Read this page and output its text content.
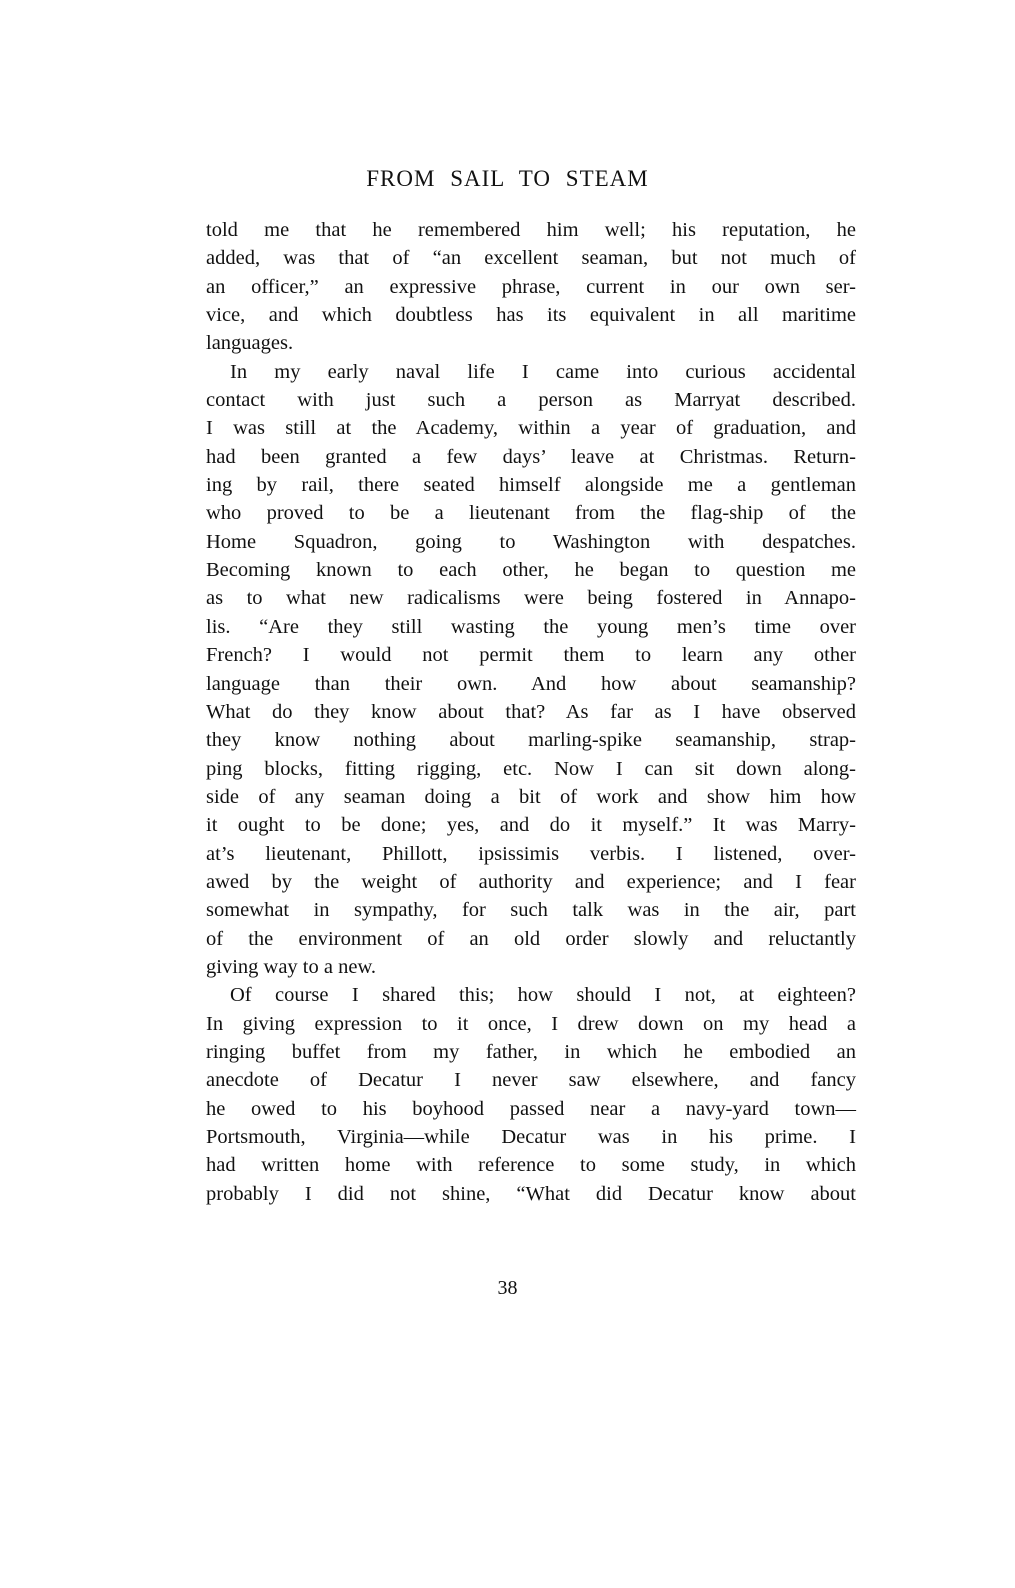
FROM SAIL TO STEAM
told me that he remembered him well; his reputation, he
added, was that of “an excellent seaman, but not much of
an officer,” an expressive phrase, current in our own ser-
vice, and which doubtless has its equivalent in all maritime
languages.
In my early naval life I came into curious accidental
contact with just such a person as Marryat described.
I was still at the Academy, within a year of graduation, and
had been granted a few days’ leave at Christmas. Return-
ing by rail, there seated himself alongside me a gentleman
who proved to be a lieutenant from the flag-ship of the
Home Squadron, going to Washington with despatches.
Becoming known to each other, he began to question me
as to what new radicalisms were being fostered in Annapo-
lis. “Are they still wasting the young men’s time over
French? I would not permit them to learn any other
language than their own. And how about seamanship?
What do they know about that? As far as I have observed
they know nothing about marling-spike seamanship, strap-
ping blocks, fitting rigging, etc. Now I can sit down along-
side of any seaman doing a bit of work and show him how
it ought to be done; yes, and do it myself.” It was Marry-
at’s lieutenant, Phillott, ipsissimis verbis. I listened, over-
awed by the weight of authority and experience; and I fear
somewhat in sympathy, for such talk was in the air, part
of the environment of an old order slowly and reluctantly
giving way to a new.
Of course I shared this; how should I not, at eighteen?
In giving expression to it once, I drew down on my head a
ringing buffet from my father, in which he embodied an
anecdote of Decatur I never saw elsewhere, and fancy
he owed to his boyhood passed near a navy-yard town—
Portsmouth, Virginia—while Decatur was in his prime. I
had written home with reference to some study, in which
probably I did not shine, “What did Decatur know about
38
